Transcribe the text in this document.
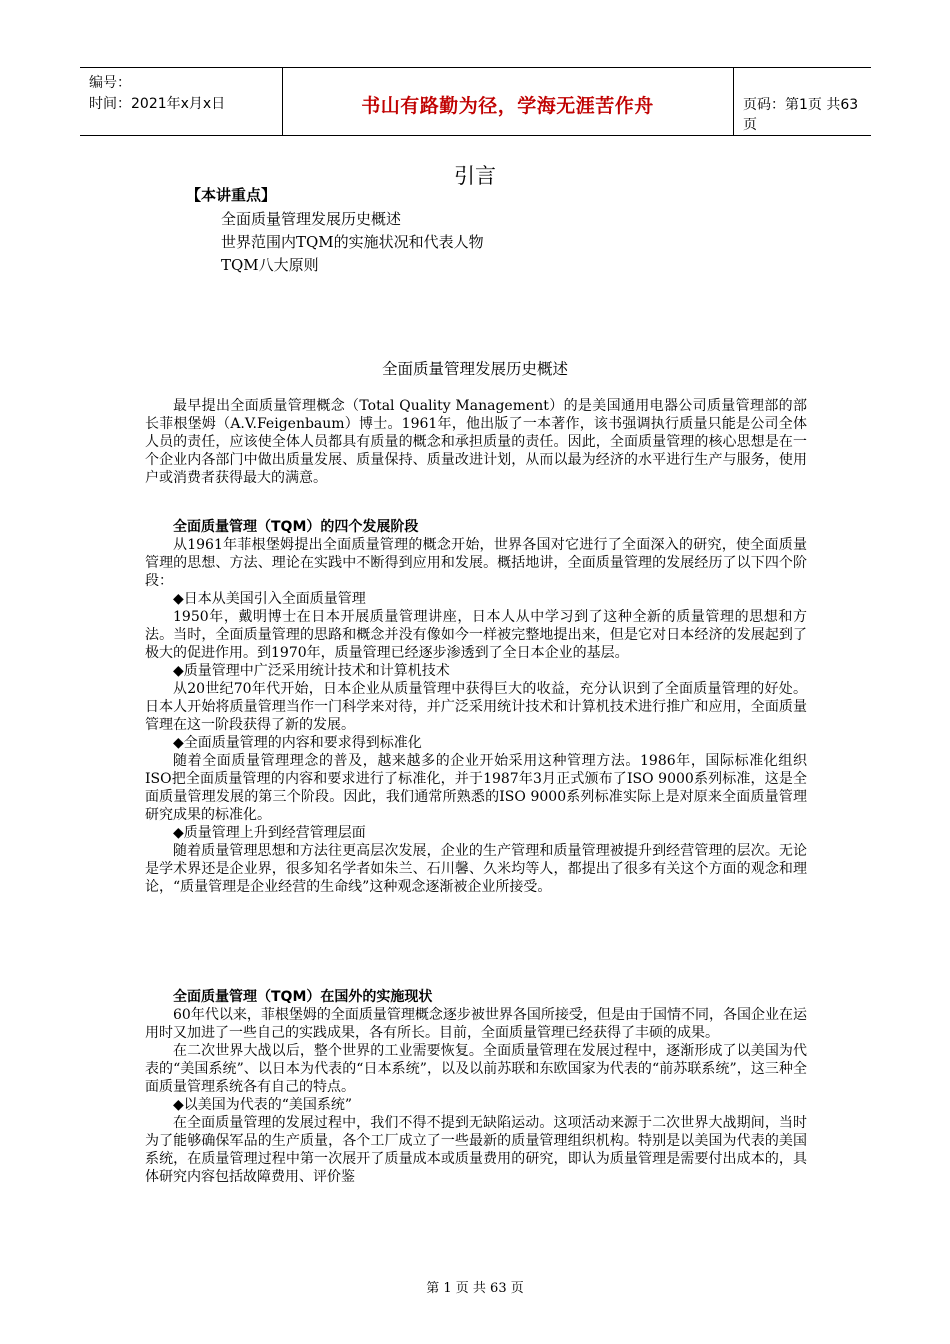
编号：
时间：2021年x月x日	书山有路勤为径，学海无涯苦作舟	页码：第1页 共63页
引言
【本讲重点】
全面质量管理发展历史概述
世界范围内TQM的实施状况和代表人物
TQM八大原则
全面质量管理发展历史概述

最早提出全面质量管理概念（Total Quality Management）的是美国通用电器公司质量管理部的部长菲根堡姆（A.V.Feigenbaum）博士。1961年，他出版了一本著作，该书强调执行质量只能是公司全体人员的责任，应该使全体人员都具有质量的概念和承担质量的责任。因此，全面质量管理的核心思想是在一个企业内各部门中做出质量发展、质量保持、质量改进计划，从而以最为经济的水平进行生产与服务，使用户或消费者获得最大的满意。

全面质量管理（TQM）的四个发展阶段

从1961年菲根堡姆提出全面质量管理的概念开始，世界各国对它进行了全面深入的研究，使全面质量管理的思想、方法、理论在实践中不断得到应用和发展。概括地讲，全面质量管理的发展经历了以下四个阶段：

◆日本从美国引入全面质量管理

1950年，戴明博士在日本开展质量管理讲座，日本人从中学习到了这种全新的质量管理的思想和方法。当时，全面质量管理的思路和概念并没有像如今一样被完整地提出来，但是它对日本经济的发展起到了极大的促进作用。到1970年，质量管理已经逐步渗透到了全日本企业的基层。

◆质量管理中广泛采用统计技术和计算机技术

从20世纪70年代开始，日本企业从质量管理中获得巨大的收益，充分认识到了全面质量管理的好处。日本人开始将质量管理当作一门科学来对待，并广泛采用统计技术和计算机技术进行推广和应用，全面质量管理在这一阶段获得了新的发展。

◆全面质量管理的内容和要求得到标准化

随着全面质量管理理念的普及，越来越多的企业开始采用这种管理方法。1986年，国际标准化组织ISO把全面质量管理的内容和要求进行了标准化，并于1987年3月正式颁布了ISO 9000系列标准，这是全面质量管理发展的第三个阶段。因此，我们通常所熟悉的ISO 9000系列标准实际上是对原来全面质量管理研究成果的标准化。

◆质量管理上升到经营管理层面

随着质量管理思想和方法往更高层次发展，企业的生产管理和质量管理被提升到经营管理的层次。无论是学术界还是企业界，很多知名学者如朱兰、石川馨、久米均等人，都提出了很多有关这个方面的观念和理论，“质量管理是企业经营的生命线”这种观念逐渐被企业所接受。

全面质量管理（TQM）在国外的实施现状

60年代以来，菲根堡姆的全面质量管理概念逐步被世界各国所接受，但是由于国情不同，各国企业在运用时又加进了一些自己的实践成果，各有所长。目前，全面质量管理已经获得了丰硕的成果。

在二次世界大战以后，整个世界的工业需要恢复。全面质量管理在发展过程中，逐渐形成了以美国为代表的“美国系统”、以日本为代表的“日本系统”，以及以前苏联和东欧国家为代表的“前苏联系统”，这三种全面质量管理系统各有自己的特点。

◆以美国为代表的“美国系统”

在全面质量管理的发展过程中，我们不得不提到无缺陷运动。这项活动来源于二次世界大战期间，当时为了能够确保军品的生产质量，各个工厂成立了一些最新的质量管理组织机构。特别是以美国为代表的美国系统，在质量管理过程中第一次展开了质量成本或质量费用的研究，即认为质量管理是需要付出成本的，具体研究内容包括故障费用、评价鉴

第 1 页 共 63 页
